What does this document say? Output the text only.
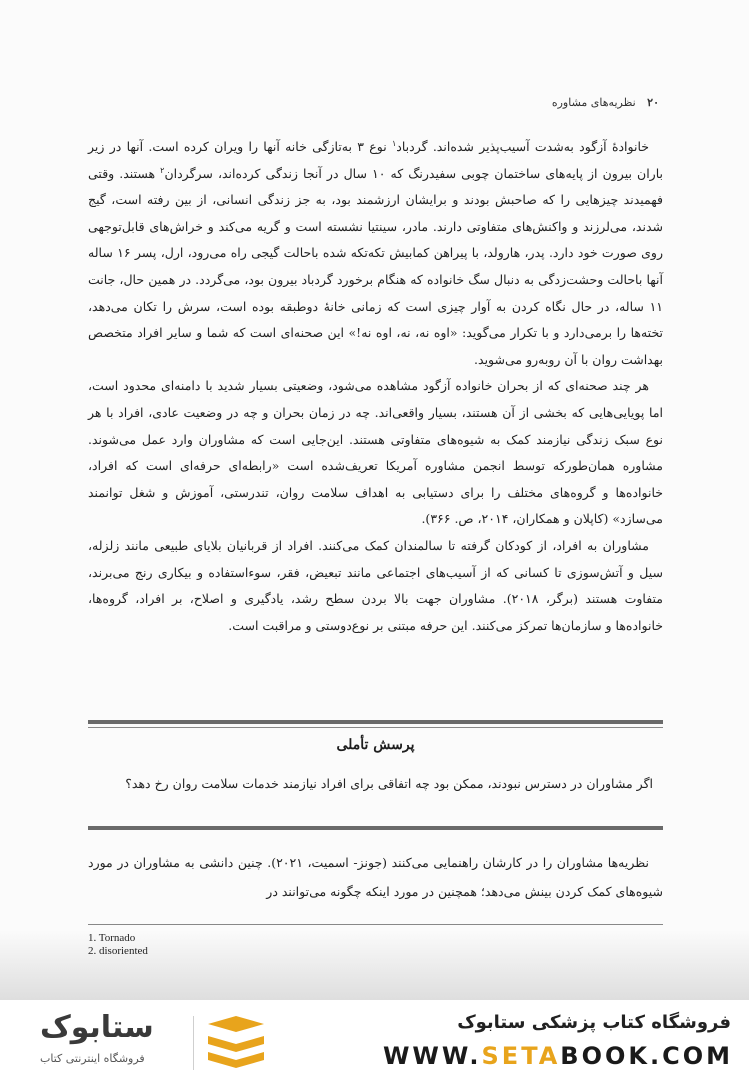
۲۰ نظریه‌های مشاوره

خانوادهٔ آزگود به‌شدت آسیب‌پذیر شده‌اند. گردباد$^۱$ نوع ۳ به‌تازگی خانه آنها را ویران کرده است. آنها در زیر باران بیرون از پایه‌های ساختمان چوبی سفیدرنگ که ۱۰ سال در آنجا زندگی کرده‌اند، سرگردان$^۲$ هستند. وقتی فهمیدند چیزهایی را که صاحبش بودند و برایشان ارزشمند بود، به جز زندگی انسانی، از بین رفته است، گیج شدند، می‌لرزند و واکنش‌های متفاوتی دارند. مادر، سینتیا نشسته است و گریه می‌کند و خراش‌های قابل‌توجهی روی صورت خود دارد. پدر، هارولد، با پیراهن کمابیش تکه‌تکه شده باحالت گیجی راه می‌رود، ارل، پسر ۱۶ ساله آنها باحالت وحشت‌زدگی به دنبال سگ خانواده که هنگام برخورد گردباد بیرون بود، می‌گردد. در همین حال، جانت ۱۱ ساله، در حال نگاه کردن به آوار چیزی است که زمانی خانهٔ دوطبقه بوده است، سرش را تکان می‌دهد، تخته‌ها را برمی‌دارد و با تکرار می‌گوید: «اوه نه، نه، اوه نه!» این صحنه‌ای است که شما و سایر افراد متخصص بهداشت روان با آن روبه‌رو می‌شوید.

هر چند صحنه‌ای که از بحران خانواده آزگود مشاهده می‌شود، وضعیتی بسیار شدید با دامنه‌ای محدود است، اما پویایی‌هایی که بخشی از آن هستند، بسیار واقعی‌اند. چه در زمان بحران و چه در وضعیت عادی، افراد با هر نوع سبک زندگی نیازمند کمک به شیوه‌های متفاوتی هستند. این‌جایی است که مشاوران وارد عمل می‌شوند. مشاوره همان‌طورکه توسط انجمن مشاوره آمریکا تعریف‌شده است «رابطه‌ای حرفه‌ای است که افراد، خانواده‌ها و گروه‌های مختلف را برای دستیابی به اهداف سلامت روان، تندرستی، آموزش و شغل توانمند می‌سازد» (کاپلان و همکاران، ۲۰۱۴، ص. ۳۶۶).

مشاوران به افراد، از کودکان گرفته تا سالمندان کمک می‌کنند. افراد از قربانیان بلایای طبیعی مانند زلزله، سیل و آتش‌سوزی تا کسانی که از آسیب‌های اجتماعی مانند تبعیض، فقر، سوءاستفاده و بیکاری رنج می‌برند، متفاوت هستند (برگر، ۲۰۱۸). مشاوران جهت بالا بردن سطح رشد، یادگیری و اصلاح، بر افراد، گروه‌ها، خانواده‌ها و سازمان‌ها تمرکز می‌کنند. این حرفه مبتنی بر نوع‌دوستی و مراقبت است.

پرسش تأملی
اگر مشاوران در دسترس نبودند، ممکن بود چه اتفاقی برای افراد نیازمند خدمات سلامت روان رخ دهد؟

نظریه‌ها مشاوران را در کارشان راهنمایی می‌کنند (جونز- اسمیت، ۲۰۲۱). چنین دانشی به مشاوران در مورد شیوه‌های کمک کردن بینش می‌دهد؛ همچنین در مورد اینکه چگونه می‌توانند در

1. Tornado
2. disoriented
فروشگاه کتاب پزشکی ستابوک
WWW.SETABOOK.COM
ستابوک
فروشگاه اینترنتی کتاب
